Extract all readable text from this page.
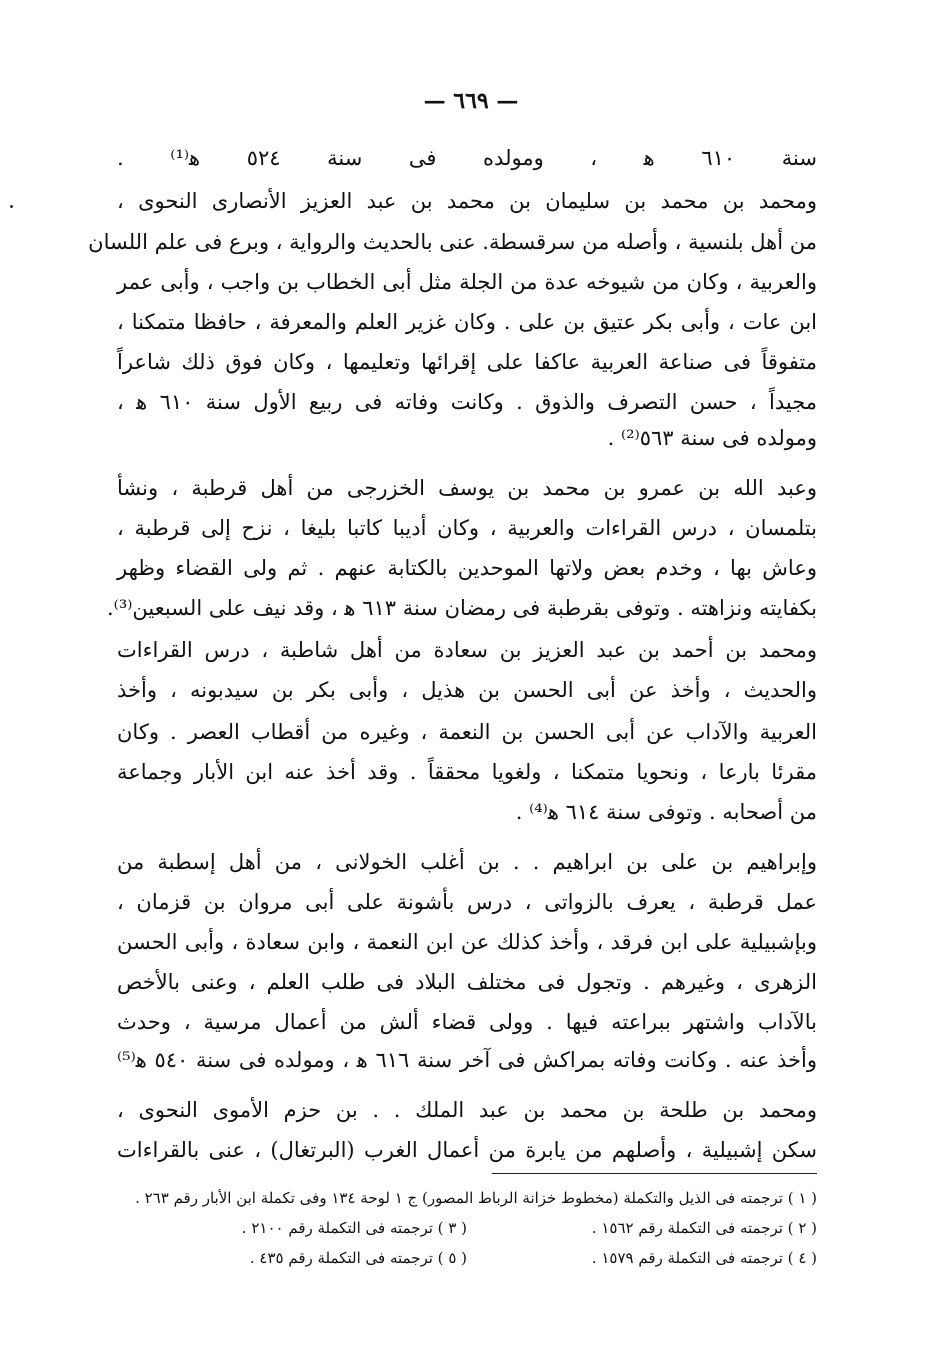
— ٦٦٩ —
سنة ٦١٠ ﻫ ، ومولده فى سنة ٥٢٤ ﻫ⁽¹⁾ .
ومحمد بن محمد بن سليمان بن محمد بن عبد العزيز الأنصارى النحوى ،
من أهل بلنسية ، وأصله من سرقسطة. عنى بالحديث والرواية ، وبرع فى علم اللسان
والعربية ، وكان من شيوخه عدة من الجلة مثل أبى الخطاب بن واجب ، وأبى عمر
ابن عات ، وأبى بكر عتيق بن على . وكان غزير العلم والمعرفة ، حافظا متمكنا ،
متفوقاً فى صناعة العربية عاكفا على إقرائها وتعليمها ، وكان فوق ذلك شاعراً
مجيداً ، حسن التصرف والذوق . وكانت وفاته فى ربيع الأول سنة ٦١٠ ﻫ ،
ومولده فى سنة ٥٦٣⁽²⁾ .
وعبد الله بن عمرو بن محمد بن يوسف الخزرجى من أهل قرطبة ، ونشأ
بتلمسان ، درس القراءات والعربية ، وكان أديبا كاتبا بليغا ، نزح إلى قرطبة ،
وعاش بها ، وخدم بعض ولاتها الموحدين بالكتابة عنهم . ثم ولى القضاء وظهر
بكفايته ونزاهته . وتوفى بقرطبة فى رمضان سنة ٦١٣ ﻫ ، وقد نيف على السبعين⁽³⁾.
ومحمد بن أحمد بن عبد العزيز بن سعادة من أهل شاطبة ، درس القراءات
والحديث ، وأخذ عن أبى الحسن بن هذيل ، وأبى بكر بن سيدبونه ، وأخذ
العربية والآداب عن أبى الحسن بن النعمة ، وغيره من أقطاب العصر . وكان
مقرئا بارعا ، ونحويا متمكنا ، ولغويا محققاً . وقد أخذ عنه ابن الأبار وجماعة
من أصحابه . وتوفى سنة ٦١٤ ﻫ⁽⁴⁾ .
وإبراهيم بن على بن ابراهيم . . بن أغلب الخولانى ، من أهل إسطبة من
عمل قرطبة ، يعرف بالزواتى ، درس بأشونة على أبى مروان بن قزمان ،
وبإشبيلية على ابن فرقد ، وأخذ كذلك عن ابن النعمة ، وابن سعادة ، وأبى الحسن
الزهرى ، وغيرهم . وتجول فى مختلف البلاد فى طلب العلم ، وعنى بالأخص
بالآداب واشتهر ببراعته فيها . وولى قضاء ألش من أعمال مرسية ، وحدث
وأخذ عنه . وكانت وفاته بمراكش فى آخر سنة ٦١٦ ﻫ ، ومولده فى سنة ٥٤٠ ﻫ⁽⁵⁾
ومحمد بن طلحة بن محمد بن عبد الملك . . بن حزم الأموى النحوى ،
سكن إشبيلية ، وأصلهم من يابرة من أعمال الغرب (البرتغال) ، عنى بالقراءات
( ١ ) ترجمته فى الذيل والتكملة (مخطوط خزانة الرباط المصور) ج ١ لوحة ١٣٤ وفى تكملة ابن الأبار رقم ٢٦٣ .
( ٢ ) ترجمته فى التكملة رقم ١٥٦٢ .
( ٣ ) ترجمته فى التكملة رقم ٢١٠٠ .
( ٤ ) ترجمته فى التكملة رقم ١٥٧٩ .
( ٥ ) ترجمته فى التكملة رقم ٤٣٥ .
